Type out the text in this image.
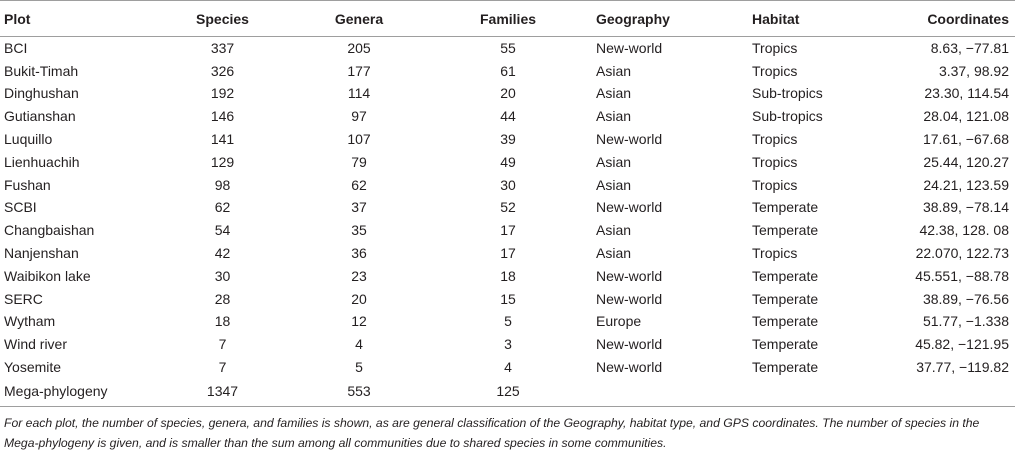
Plot	Species	Genera	Families	Geography	Habitat	Coordinates
BCI	337	205	55	New-world	Tropics	8.63, −77.81
Bukit-Timah	326	177	61	Asian	Tropics	3.37, 98.92
Dinghushan	192	114	20	Asian	Sub-tropics	23.30, 114.54
Gutianshan	146	97	44	Asian	Sub-tropics	28.04, 121.08
Luquillo	141	107	39	New-world	Tropics	17.61, −67.68
Lienhuachih	129	79	49	Asian	Tropics	25.44, 120.27
Fushan	98	62	30	Asian	Tropics	24.21, 123.59
SCBI	62	37	52	New-world	Temperate	38.89, −78.14
Changbaishan	54	35	17	Asian	Temperate	42.38, 128. 08
Nanjenshan	42	36	17	Asian	Tropics	22.070, 122.73
Waibikon lake	30	23	18	New-world	Temperate	45.551, −88.78
SERC	28	20	15	New-world	Temperate	38.89, −76.56
Wytham	18	12	5	Europe	Temperate	51.77, −1.338
Wind river	7	4	3	New-world	Temperate	45.82, −121.95
Yosemite	7	5	4	New-world	Temperate	37.77, −119.82
Mega-phylogeny	1347	553	125			
For each plot, the number of species, genera, and families is shown, as are general classification of the Geography, habitat type, and GPS coordinates. The number of species in the Mega-phylogeny is given, and is smaller than the sum among all communities due to shared species in some communities.
